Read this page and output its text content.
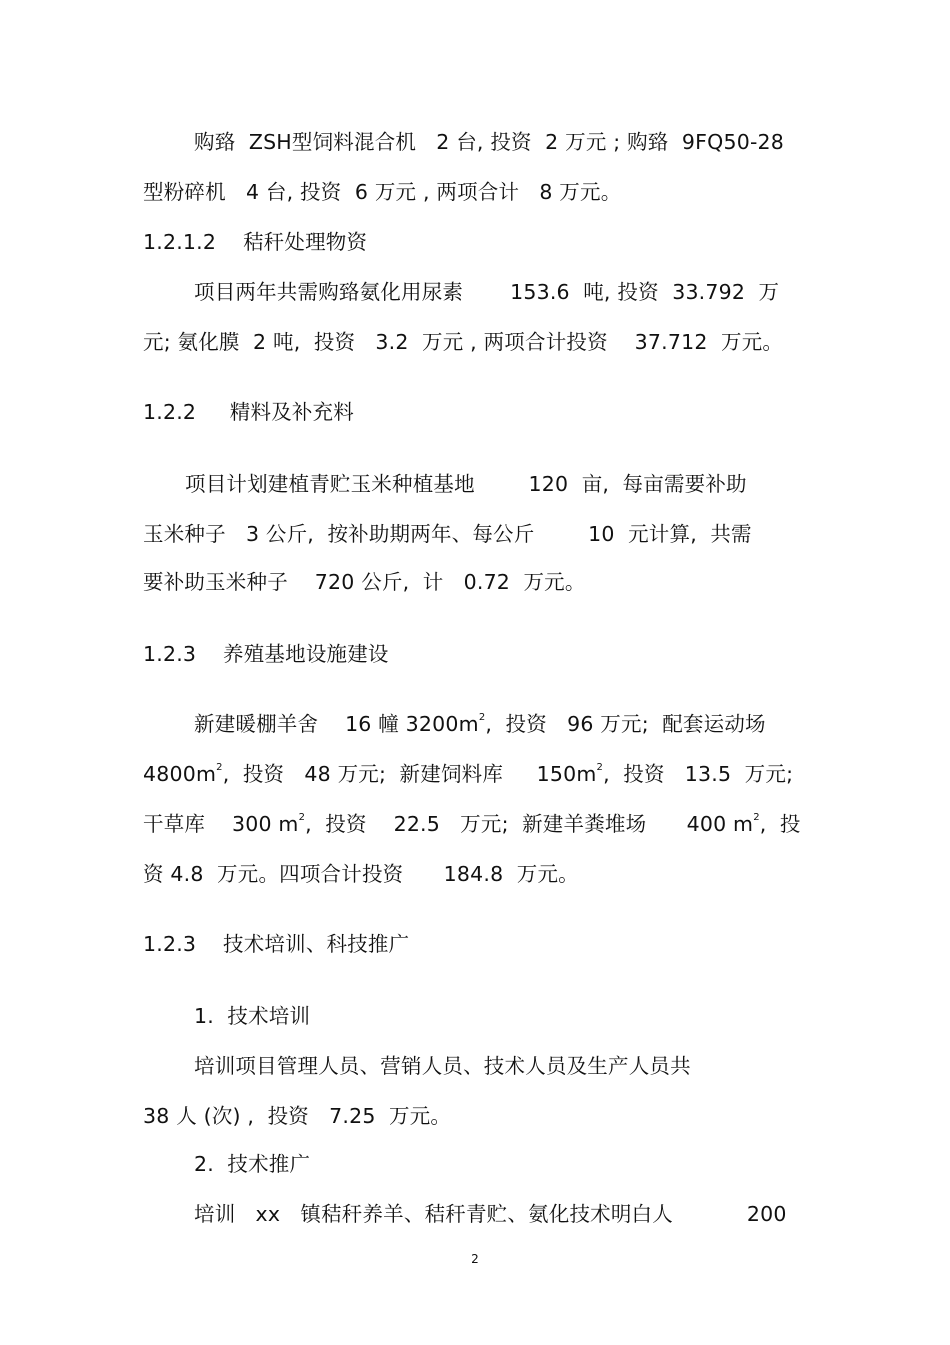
购臵  ZSH型饲料混合机   2 台, 投资  2 万元 ; 购臵  9FQ50-28
型粉碎机   4 台, 投资  6 万元 , 两项合计   8 万元。
1.2.1.2    秸秆处理物资
项目两年共需购臵氨化用尿素       153.6  吨, 投资  33.792  万
元; 氨化膜  2 吨,  投资   3.2  万元 , 两项合计投资    37.712  万元。
1.2.2     精料及补充料
项目计划建植青贮玉米种植基地        120  亩,  每亩需要补助
玉米种子   3 公斤,  按补助期两年、每公斤        10  元计算,  共需
要补助玉米种子    720 公斤,  计   0.72  万元。
1.2.3    养殖基地设施建设
新建暖棚羊舍    16 幢 $3200m^2$,  投资   96 万元;  配套运动场
$4800m^2$,  投资   48 万元;  新建饲料库     $150m^2$,  投资   13.5  万元;
干草库    300 $m^2$,  投资    22.5   万元;  新建羊粪堆场      400 $m^2$,  投
资 4.8  万元。四项合计投资      184.8  万元。
1.2.3    技术培训、科技推广
1.  技术培训
培训项目管理人员、营销人员、技术人员及生产人员共
38 人 (次) ,  投资   7.25  万元。
2.  技术推广
培训   xx   镇秸秆养羊、秸秆青贮、氨化技术明白人           200
2
